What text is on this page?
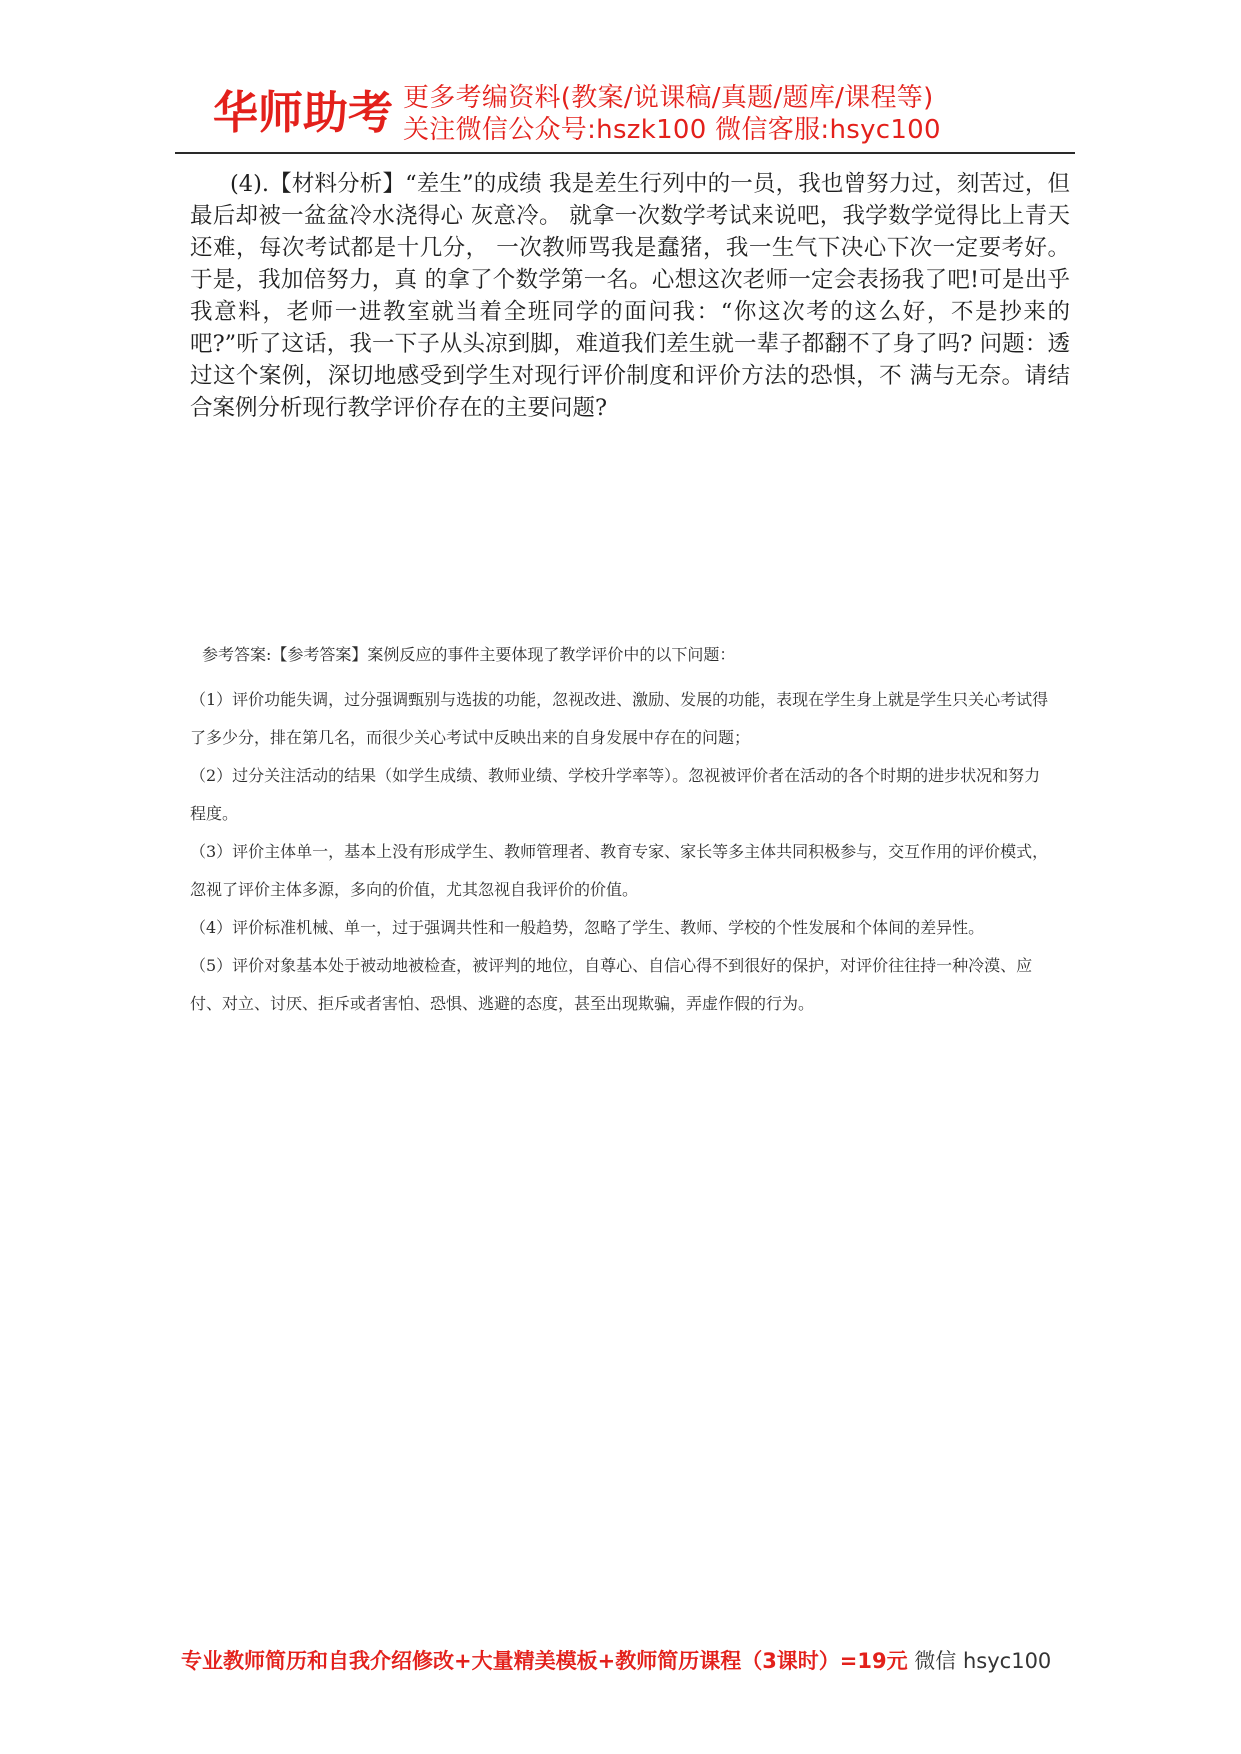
华师助考 更多考编资料(教案/说课稿/真题/题库/课程等)
关注微信公众号:hszk100 微信客服:hsyc100
(4).【材料分析】“差生”的成绩 我是差生行列中的一员，我也曾努力过，刻苦过，但最后却被一盆盆冷水浇得心 灰意冷。 就拿一次数学考试来说吧，我学数学觉得比上青天还难，每次考试都是十几分， 一次教师骂我是蠢猪，我一生气下决心下次一定要考好。于是，我加倍努力，真 的拿了个数学第一名。心想这次老师一定会表扬我了吧!可是出乎我意料，老师一进教室就当着全班同学的面问我：“你这次考的这么好，不是抄来的吧?”听了这话，我一下子从头凉到脚，难道我们差生就一辈子都翻不了身了吗? 问题：透过这个案例，深切地感受到学生对现行评价制度和评价方法的恐惧，不 满与无奈。请结合案例分析现行教学评价存在的主要问题?
参考答案:【参考答案】案例反应的事件主要体现了教学评价中的以下问题：
（1）评价功能失调，过分强调甄别与选拔的功能，忽视改进、激励、发展的功能，表现在学生身上就是学生只关心考试得了多少分，排在第几名，而很少关心考试中反映出来的自身发展中存在的问题；
（2）过分关注活动的结果（如学生成绩、教师业绩、学校升学率等）。忽视被评价者在活动的各个时期的进步状况和努力程度。
（3）评价主体单一，基本上没有形成学生、教师管理者、教育专家、家长等多主体共同积极参与，交互作用的评价模式，忽视了评价主体多源，多向的价值，尤其忽视自我评价的价值。
（4）评价标准机械、单一，过于强调共性和一般趋势，忽略了学生、教师、学校的个性发展和个体间的差异性。
（5）评价对象基本处于被动地被检查，被评判的地位，自尊心、自信心得不到很好的保护，对评价往往持一种冷漠、应付、对立、讨厌、拒斥或者害怕、恐惧、逃避的态度，甚至出现欺骗，弄虚作假的行为。
专业教师简历和自我介绍修改+大量精美模板+教师简历课程（3课时）=19元 微信 hsyc100
